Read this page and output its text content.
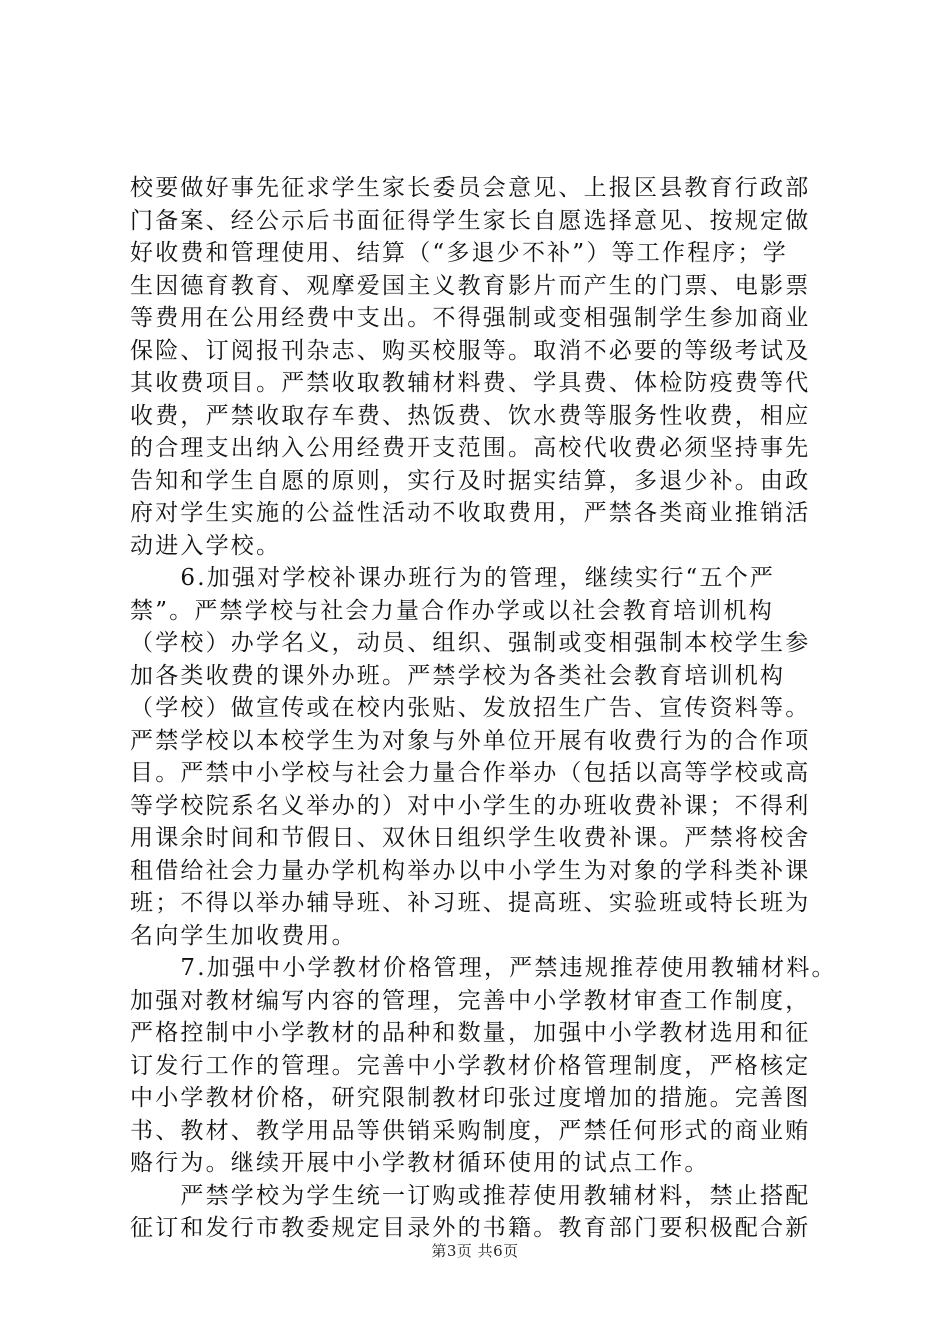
校要做好事先征求学生家长委员会意见、上报区县教育行政部
门备案、经公示后书面征得学生家长自愿选择意见、按规定做
好收费和管理使用、结算（“多退少不补”）等工作程序；学
生因德育教育、观摩爱国主义教育影片而产生的门票、电影票
等费用在公用经费中支出。不得强制或变相强制学生参加商业
保险、订阅报刊杂志、购买校服等。取消不必要的等级考试及
其收费项目。严禁收取教辅材料费、学具费、体检防疫费等代
收费，严禁收取存车费、热饭费、饮水费等服务性收费，相应
的合理支出纳入公用经费开支范围。高校代收费必须坚持事先
告知和学生自愿的原则，实行及时据实结算，多退少补。由政
府对学生实施的公益性活动不收取费用，严禁各类商业推销活
动进入学校。
　　6.加强对学校补课办班行为的管理，继续实行“五个严
禁”。严禁学校与社会力量合作办学或以社会教育培训机构
（学校）办学名义，动员、组织、强制或变相强制本校学生参
加各类收费的课外办班。严禁学校为各类社会教育培训机构
（学校）做宣传或在校内张贴、发放招生广告、宣传资料等。
严禁学校以本校学生为对象与外单位开展有收费行为的合作项
目。严禁中小学校与社会力量合作举办（包括以高等学校或高
等学校院系名义举办的）对中小学生的办班收费补课；不得利
用课余时间和节假日、双休日组织学生收费补课。严禁将校舍
租借给社会力量办学机构举办以中小学生为对象的学科类补课
班；不得以举办辅导班、补习班、提高班、实验班或特长班为
名向学生加收费用。
　　7.加强中小学教材价格管理，严禁违规推荐使用教辅材料。
加强对教材编写内容的管理，完善中小学教材审查工作制度，
严格控制中小学教材的品种和数量，加强中小学教材选用和征
订发行工作的管理。完善中小学教材价格管理制度，严格核定
中小学教材价格，研究限制教材印张过度增加的措施。完善图
书、教材、教学用品等供销采购制度，严禁任何形式的商业贿
赂行为。继续开展中小学教材循环使用的试点工作。
　　严禁学校为学生统一订购或推荐使用教辅材料，禁止搭配
征订和发行市教委规定目录外的书籍。教育部门要积极配合新
第3页 共6页
